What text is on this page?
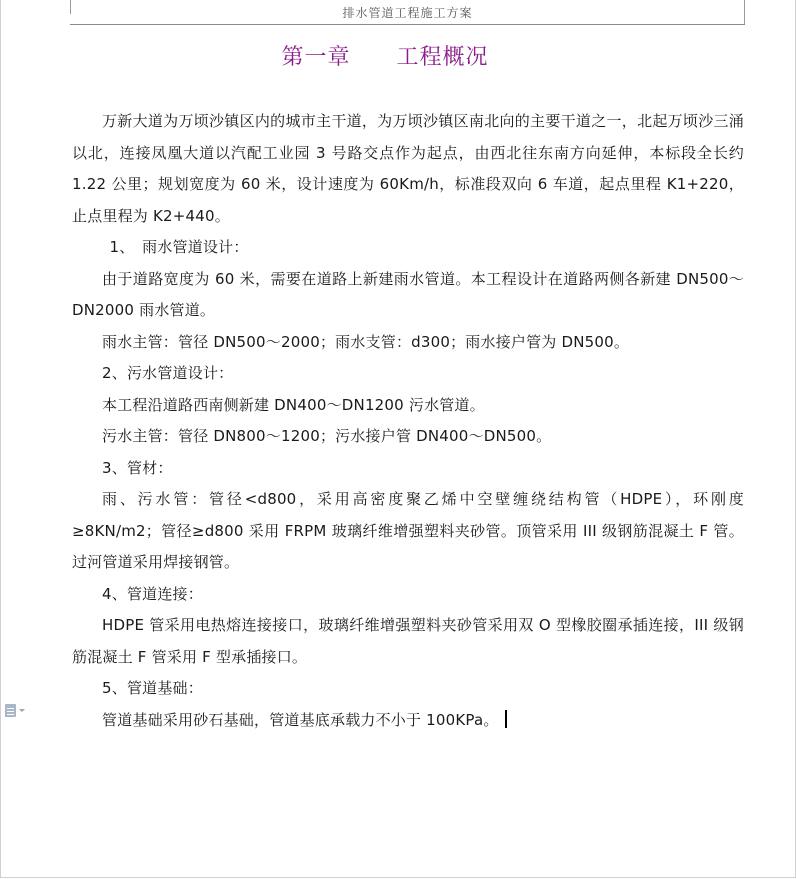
排水管道工程施工方案
第一章　　工程概况

万新大道为万顷沙镇区内的城市主干道，为万顷沙镇区南北向的主要干道之一，北起万顷沙三涌以北，连接凤凰大道以汽配工业园 3 号路交点作为起点，由西北往东南方向延伸，本标段全长约 1.22 公里；规划宽度为 60 米，设计速度为 60Km/h，标准段双向 6 车道，起点里程 K1+220，止点里程为 K2+440。

1、　雨水管道设计：

由于道路宽度为 60 米，需要在道路上新建雨水管道。本工程设计在道路两侧各新建 DN500～DN2000 雨水管道。

雨水主管：管径 DN500～2000；雨水支管：d300；雨水接户管为 DN500。

2、污水管道设计：

本工程沿道路西南侧新建 DN400～DN1200 污水管道。

污水主管：管径 DN800～1200；污水接户管 DN400～DN500。

3、管材：

雨、污水管：管径<d800，采用高密度聚乙烯中空壁缠绕结构管（HDPE），环刚度≥8KN/m2；管径≥d800 采用 FRPM 玻璃纤维增强塑料夹砂管。顶管采用 III 级钢筋混凝土 F 管。过河管道采用焊接钢管。

4、管道连接：

HDPE 管采用电热熔连接接口，玻璃纤维增强塑料夹砂管采用双 O 型橡胶圈承插连接，III 级钢筋混凝土 F 管采用 F 型承插接口。

5、管道基础：

管道基础采用砂石基础，管道基底承载力不小于 100KPa。
